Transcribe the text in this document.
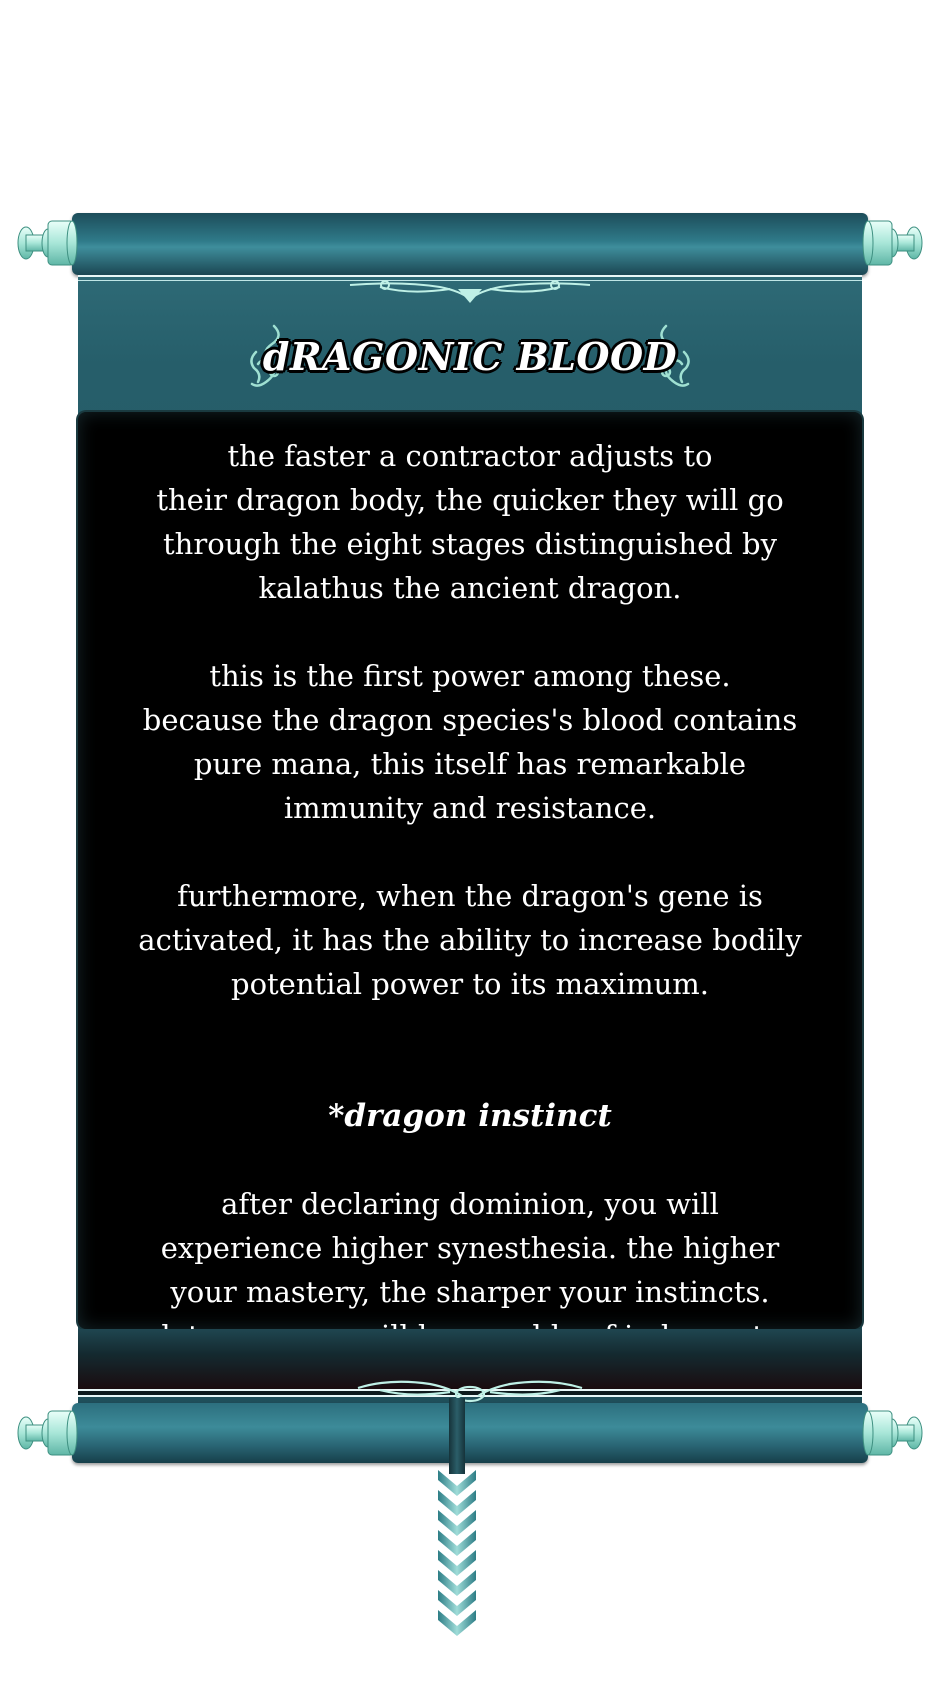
dRAGONIC BLOOD

the faster a contractor adjusts to
their dragon body, the quicker they will go
through the eight stages distinguished by
kalathus the ancient dragon.

this is the first power among these.
because the dragon species's blood contains
pure mana, this itself has remarkable
immunity and resistance.

furthermore, when the dragon's gene is
activated, it has the ability to increase bodily
potential power to its maximum.

*dragon instinct

after declaring dominion, you will
experience higher synesthesia. the higher
your mastery, the sharper your instincts.
